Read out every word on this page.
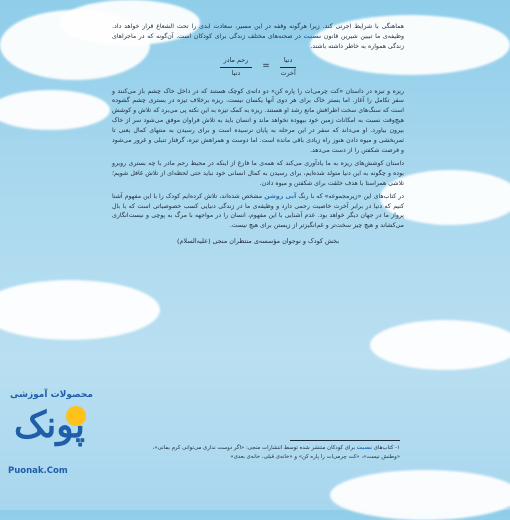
هماهنگی با شرایط اجرتی کند. زیرا هرگونه وقفه در این مسیر، سعادت ابدی را تحت الشعاع قرار خواهد داد. وظیفه‌ی ما تبیین شیرین قانون نسبت در صحنه‌های مختلف زندگی برای کودکان است. آن‌گونه که در ماجراهای زندگی همواره به خاطر داشته باشند.

$\frac{\text{دنیا}}{\text{آخرت}}$
=
$\frac{\text{رحم مادر}}{\text{دنیا}}$

ریزه و تیزه در داستان «کت چرمی‌ات را پاره کن» دو دانه‌ی کوچک هستند که در داخل خاک چشم باز می‌کنند و سفر تکامل را آغاز. اما بستر خاک برای هر دوی آنها یکسان نیست. ریزه برخلاف تیزه در بستری چشم گشوده است که سنگ‌های سخت اطرافش مانع رشد او هستند. ریزه به کمک تیزه به این نکته پی می‌برد که تلاش و کوشش هیچ‌وقت نسبت به امکانات زمین خود بیهوده نخواهد ماند و انسان باید به تلاش فراوان موفق می‌شود سر از خاک بیرون بیاورد. او می‌داند که سفر در این مرحله به پایان نرسیده است و برای رسیدن به منتهای کمال یعنی تا ثمربخشی و میوه دادن هنوز راه زیادی باقی مانده است. اما دوست و همراهش تیزه، گرفتار تنبلی و غرور می‌شود و فرصت شکفتن را از دست می‌دهد.

داستان کوشش‌های ریزه به ما یادآوری می‌کند که همه‌ی ما فارغ از اینکه در محیط رحم مادر با چه بستری روبرو بوده و چگونه به این دنیا متولد شده‌ایم، برای رسیدن به کمال انسانی خود نباید حتی لحظه‌ای از تلاش غافل شویم؛ تلاشی همراستا با هدف خلقت برای شکفتن و میوه دادن.

در کتاب‌های این «زیرمجموعه» که با رنگ آبی روشن مشخص شده‌اند، تلاش کرده‌ایم کودک را با این مفهوم آشنا کنیم که دنیا در برابر آخرت خاصیت رحمی دارد و وظیفه‌ی ما در زندگی دنیایی کسب خصوصیاتی است که با بال پرواز ما در جهان دیگر خواهد بود. عدم آشنایی با این مفهوم، انسان را در مواجهه با مرگ به پوچی و نیست‌انگاری می‌کشاند و هیچ چیز سخت‌تر و غم‌انگیزتر از زیستن برای هیچ نیست.

بخش کودک و نوجوان مؤسسه‌ی منتظران منجی (علیه‌السلام)
۱- کتاب‌های نسبت برای کودکان منتشر شده توسط انتشارات منجی: «اگر دوست نداری می‌توانی کرم بمانی»،
«وطنش نیست»، «کت چرمی‌ات را پاره کن» و «خانه‌ی قبلی، خانه‌ی بعدی»
محصولات آموزشی
پونک
Puonak.Com
